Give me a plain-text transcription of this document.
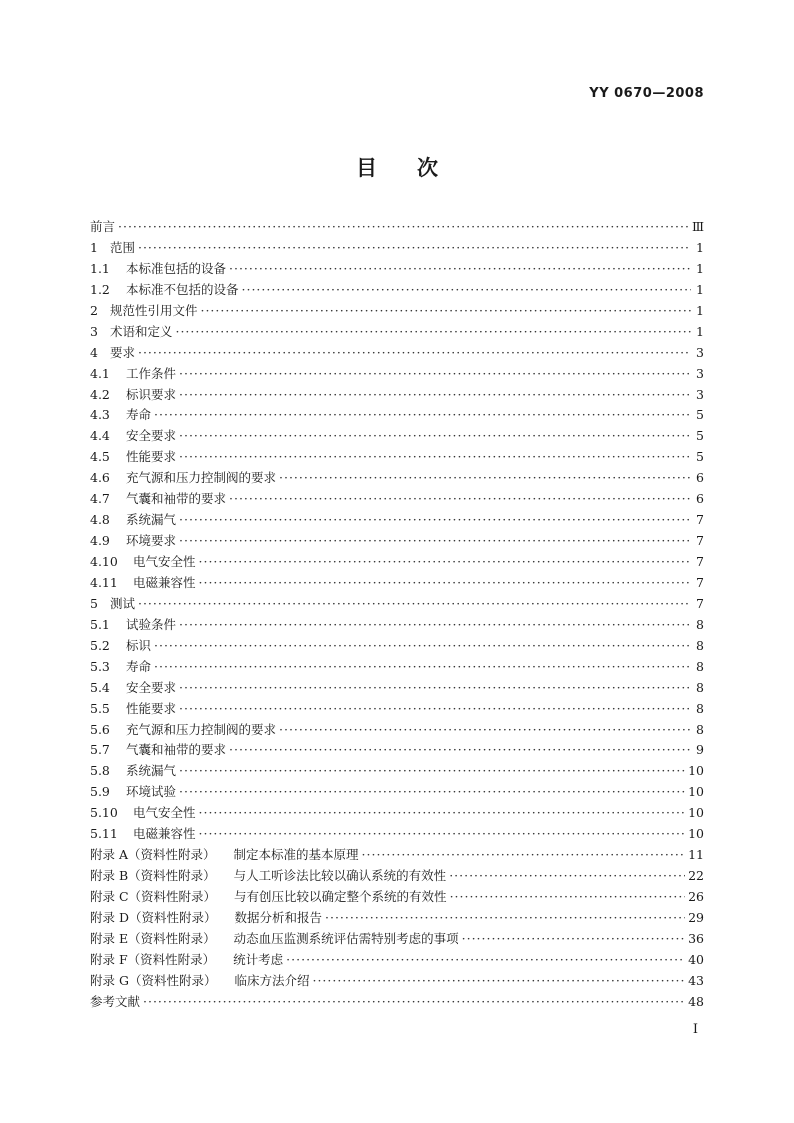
YY 0670—2008
目 次
前言 ·····	Ⅲ
1 范围 ·····	1
1.1	本标准包括的设备 ·····	1
1.2	本标准不包括的设备 ·····	1
2 规范性引用文件 ·····	1
3 术语和定义 ·····	1
4 要求 ·····	3
4.1	工作条件 ·····	3
4.2	标识要求 ·····	3
4.3	寿命 ·····	5
4.4	安全要求 ·····	5
4.5	性能要求 ·····	5
4.6	充气源和压力控制阀的要求 ·····	6
4.7	气囊和袖带的要求 ·····	6
4.8	系统漏气 ·····	7
4.9	环境要求 ·····	7
4.10	电气安全性 ·····	7
4.11	电磁兼容性 ·····	7
5 测试 ·····	7
5.1	试验条件 ·····	8
5.2	标识 ·····	8
5.3	寿命 ·····	8
5.4	安全要求 ·····	8
5.5	性能要求 ·····	8
5.6	充气源和压力控制阀的要求 ·····	8
5.7	气囊和袖带的要求 ·····	9
5.8	系统漏气 ·····	10
5.9	环境试验 ·····	10
5.10	电气安全性 ·····	10
5.11	电磁兼容性 ·····	10
附录 A（资料性附录） 制定本标准的基本原理 ·····	11
附录 B（资料性附录） 与人工听诊法比较以确认系统的有效性 ·····	22
附录 C（资料性附录） 与有创压比较以确定整个系统的有效性 ·····	26
附录 D（资料性附录） 数据分析和报告 ·····	29
附录 E（资料性附录） 动态血压监测系统评估需特别考虑的事项 ·····	36
附录 F（资料性附录） 统计考虑 ·····	40
附录 G（资料性附录） 临床方法介绍 ·····	43
参考文献 ·····	48
I
